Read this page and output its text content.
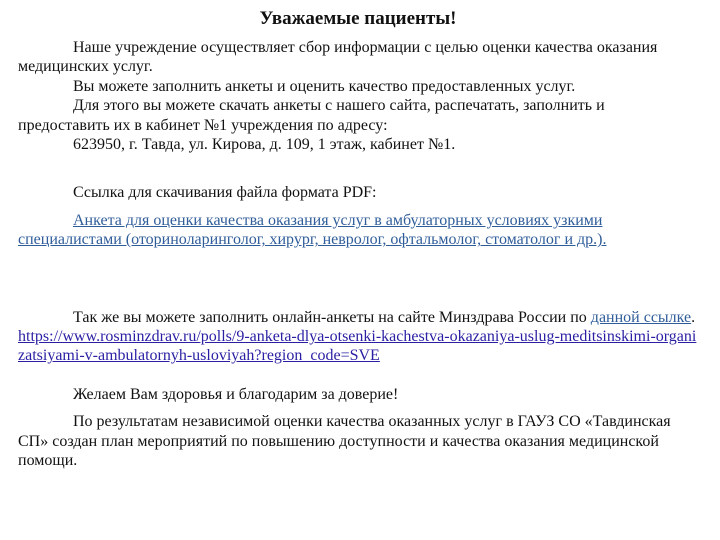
Уважаемые пациенты!

Наше учреждение осуществляет сбор информации с целью оценки качества оказания медицинских услуг.

Вы можете заполнить анкеты и оценить качество предоставленных услуг.

Для этого вы можете скачать анкеты с нашего сайта, распечатать, заполнить и предоставить их в кабинет №1 учреждения по адресу:

623950, г. Тавда, ул. Кирова, д. 109, 1 этаж, кабинет №1.

Ссылка для скачивания файла формата PDF:

Анкета для оценки качества оказания услуг в амбулаторных условиях узкими специалистами (оториноларинголог, хирург, невролог, офтальмолог, стоматолог и др.).

Так же вы можете заполнить онлайн-анкеты на сайте Минздрава России по данной ссылке. https://www.rosminzdrav.ru/polls/9-anketa-dlya-otsenki-kachestva-okazaniya-uslug-meditsinskimi-organizatsiyami-v-ambulatornyh-usloviyah?region_code=SVE

Желаем Вам здоровья и благодарим за доверие!

По результатам независимой оценки качества оказанных услуг в ГАУЗ СО «Тавдинская СП» создан план мероприятий по повышению доступности и качества оказания медицинской помощи.
